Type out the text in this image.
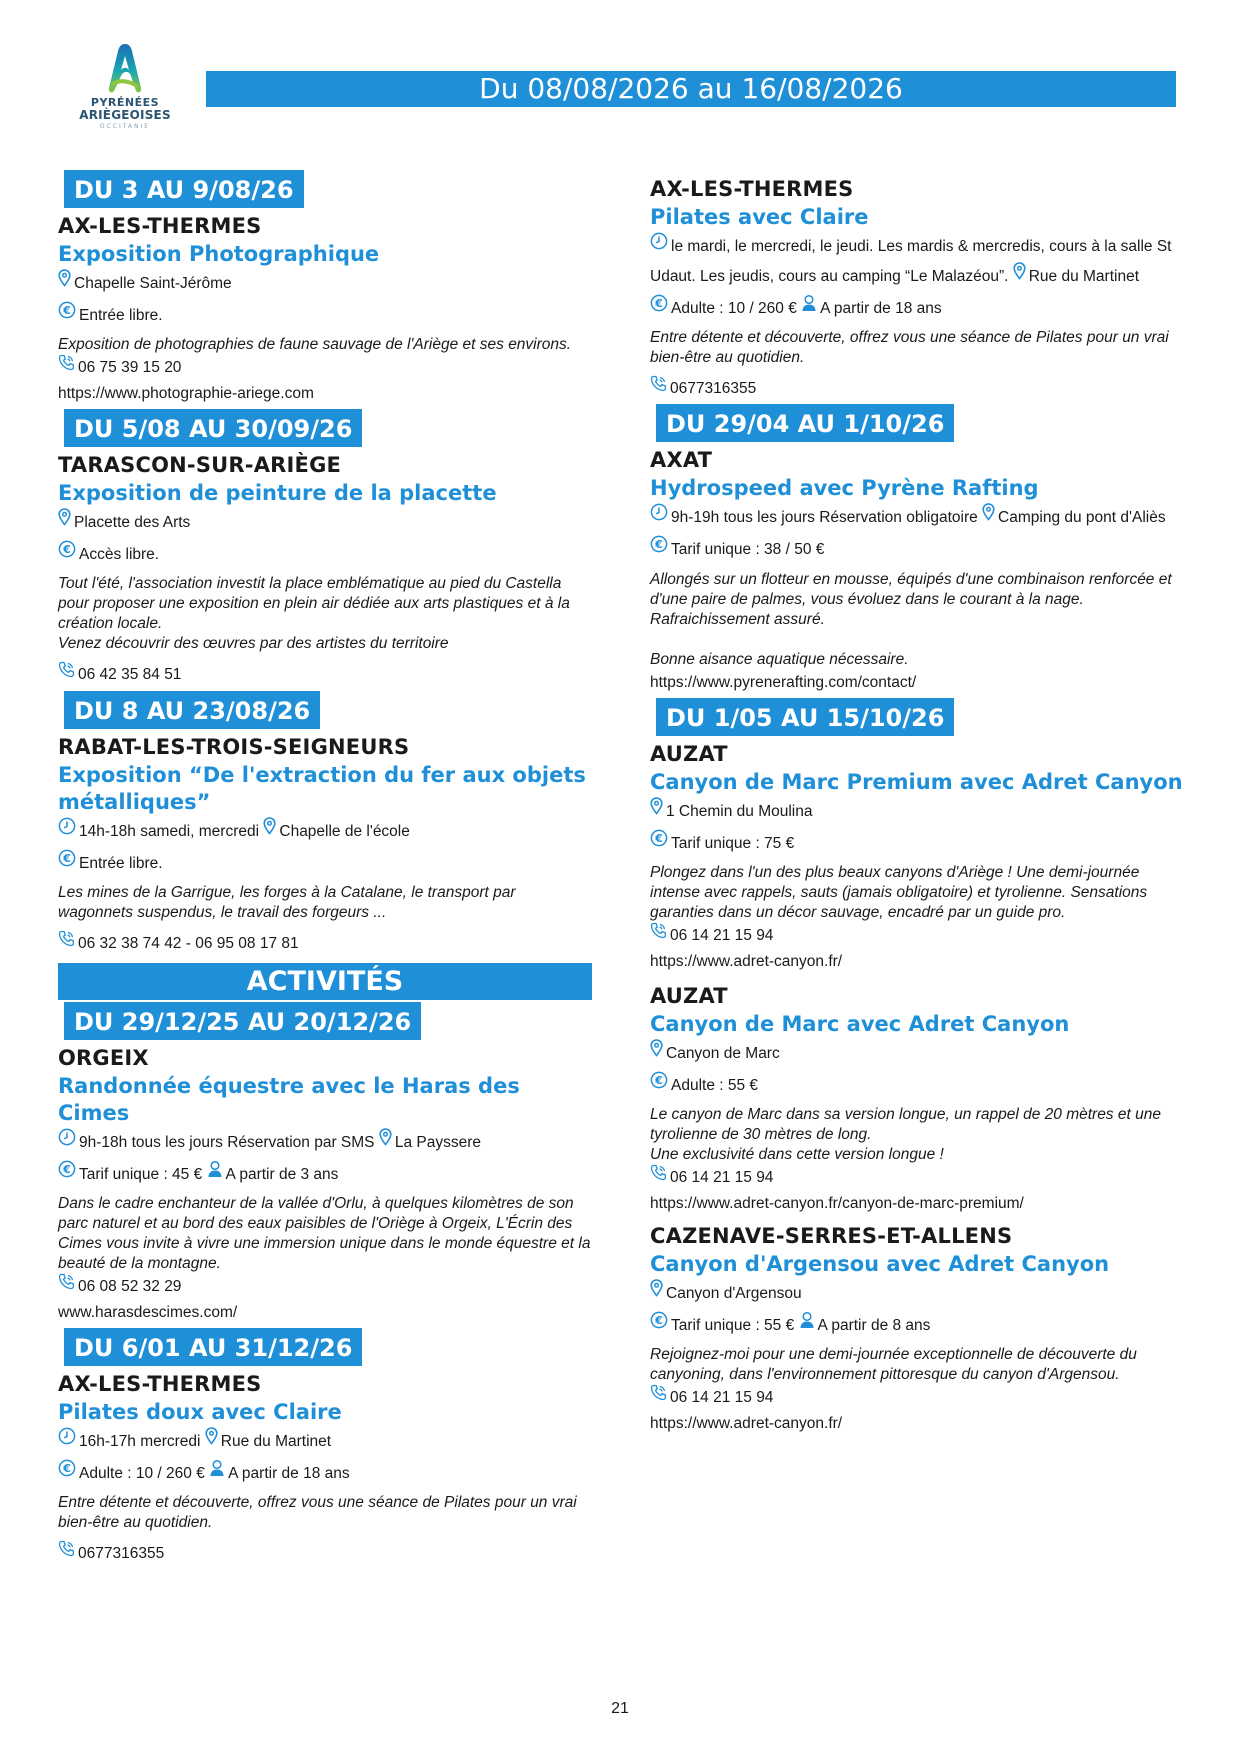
PYRÉNÉES
ARIÈGEOISES
OCCITANIE
Du 08/08/2026 au 16/08/2026
DU 3 AU 9/08/26
AX-LES-THERMES
Exposition Photographique
Chapelle Saint-Jérôme
€ Entrée libre.
Exposition de photographies de faune sauvage de l'Ariège et ses environs.
06 75 39 15 20
https://www.photographie-ariege.com
DU 5/08 AU 30/09/26
TARASCON-SUR-ARIÈGE
Exposition de peinture de la placette
Placette des Arts
€ Accès libre.

Tout l'été, l'association investit la place emblématique au pied du Castella pour proposer une exposition en plein air dédiée aux arts plastiques et à la création locale.

Venez découvrir des œuvres par des artistes du territoire

06 42 35 84 51
DU 8 AU 23/08/26
RABAT-LES-TROIS-SEIGNEURS
Exposition “De l'extraction du fer aux objets métalliques”
14h-18h samedi, mercredi Chapelle de l'école
€ Entrée libre.
Les mines de la Garrigue, les forges à la Catalane, le transport par wagonnets suspendus, le travail des forgeurs ...
06 32 38 74 42 - 06 95 08 17 81
ACTIVITÉS
DU 29/12/25 AU 20/12/26
ORGEIX
Randonnée équestre avec le Haras des Cimes
9h-18h tous les jours Réservation par SMS La Payssere
€ Tarif unique : 45 € A partir de 3 ans
Dans le cadre enchanteur de la vallée d'Orlu, à quelques kilomètres de son parc naturel et au bord des eaux paisibles de l'Oriège à Orgeix, L'Écrin des Cimes vous invite à vivre une immersion unique dans le monde équestre et la beauté de la montagne.
06 08 52 32 29
www.harasdescimes.com/
DU 6/01 AU 31/12/26
AX-LES-THERMES
Pilates doux avec Claire
16h-17h mercredi Rue du Martinet
€ Adulte : 10 / 260 € A partir de 18 ans
Entre détente et découverte, offrez vous une séance de Pilates pour un vrai bien-être au quotidien.
0677316355
AX-LES-THERMES
Pilates avec Claire
le mardi, le mercredi, le jeudi. Les mardis & mercredis, cours à la salle St
Udaut. Les jeudis, cours au camping “Le Malazéou”. Rue du Martinet
€ Adulte : 10 / 260 € A partir de 18 ans
Entre détente et découverte, offrez vous une séance de Pilates pour un vrai bien-être au quotidien.
0677316355
DU 29/04 AU 1/10/26
AXAT
Hydrospeed avec Pyrène Rafting
9h-19h tous les jours Réservation obligatoire Camping du pont d'Aliès
€ Tarif unique : 38 / 50 €

Allongés sur un flotteur en mousse, équipés d'une combinaison renforcée et d'une paire de palmes, vous évoluez dans le courant à la nage. Rafraichissement assuré.

Bonne aisance aquatique nécessaire.

https://www.pyrenerafting.com/contact/
DU 1/05 AU 15/10/26
AUZAT
Canyon de Marc Premium avec Adret Canyon
1 Chemin du Moulina
€ Tarif unique : 75 €
Plongez dans l'un des plus beaux canyons d'Ariège ! Une demi-journée intense avec rappels, sauts (jamais obligatoire) et tyrolienne. Sensations garanties dans un décor sauvage, encadré par un guide pro.
06 14 21 15 94
https://www.adret-canyon.fr/
AUZAT
Canyon de Marc avec Adret Canyon
Canyon de Marc
€ Adulte : 55 €

Le canyon de Marc dans sa version longue, un rappel de 20 mètres et une tyrolienne de 30 mètres de long.

Une exclusivité dans cette version longue !

06 14 21 15 94
https://www.adret-canyon.fr/canyon-de-marc-premium/
CAZENAVE-SERRES-ET-ALLENS
Canyon d'Argensou avec Adret Canyon
Canyon d'Argensou
€ Tarif unique : 55 € A partir de 8 ans
Rejoignez-moi pour une demi-journée exceptionnelle de découverte du canyoning, dans l'environnement pittoresque du canyon d'Argensou.
06 14 21 15 94
https://www.adret-canyon.fr/
21
